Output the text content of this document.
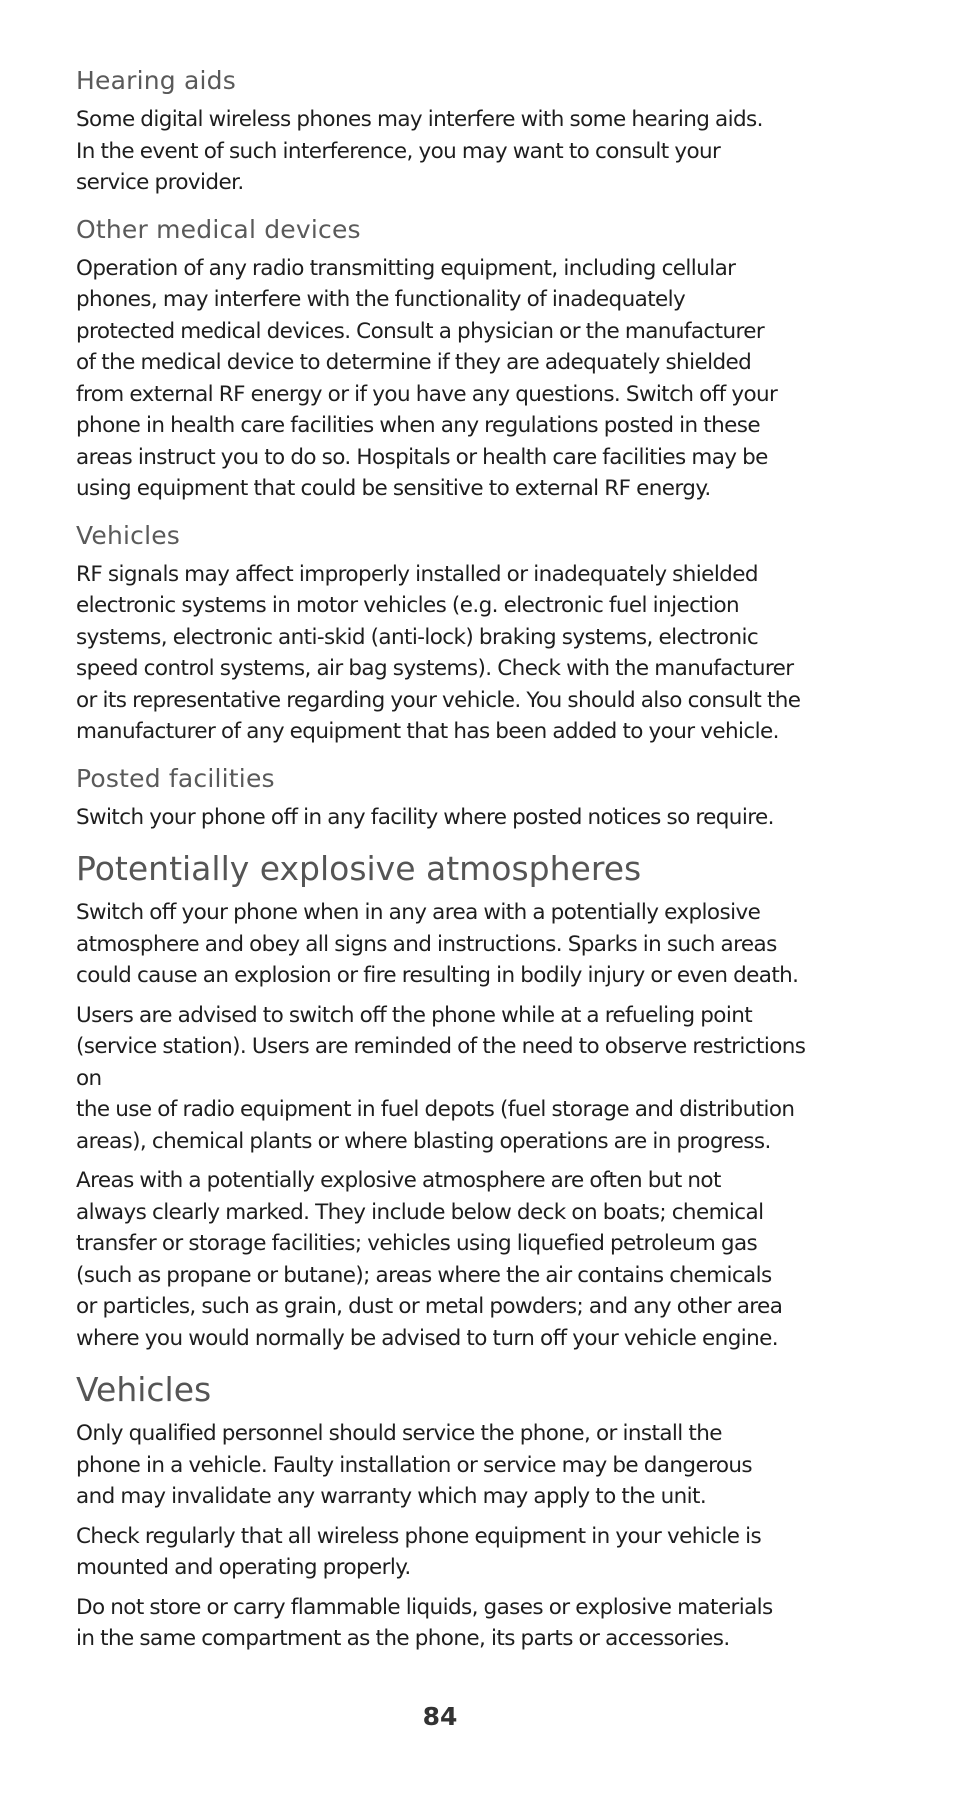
Hearing aids

Some digital wireless phones may interfere with some hearing aids.
In the event of such interference, you may want to consult your
service provider.

Other medical devices

Operation of any radio transmitting equipment, including cellular
phones, may interfere with the functionality of inadequately
protected medical devices. Consult a physician or the manufacturer
of the medical device to determine if they are adequately shielded
from external RF energy or if you have any questions. Switch off your
phone in health care facilities when any regulations posted in these
areas instruct you to do so. Hospitals or health care facilities may be
using equipment that could be sensitive to external RF energy.

Vehicles

RF signals may affect improperly installed or inadequately shielded
electronic systems in motor vehicles (e.g. electronic fuel injection
systems, electronic anti-skid (anti-lock) braking systems, electronic
speed control systems, air bag systems). Check with the manufacturer
or its representative regarding your vehicle. You should also consult the
manufacturer of any equipment that has been added to your vehicle.

Posted facilities

Switch your phone off in any facility where posted notices so require.

Potentially explosive atmospheres

Switch off your phone when in any area with a potentially explosive
atmosphere and obey all signs and instructions. Sparks in such areas
could cause an explosion or fire resulting in bodily injury or even death.

Users are advised to switch off the phone while at a refueling point
(service station). Users are reminded of the need to observe restrictions on
the use of radio equipment in fuel depots (fuel storage and distribution
areas), chemical plants or where blasting operations are in progress.

Areas with a potentially explosive atmosphere are often but not
always clearly marked. They include below deck on boats; chemical
transfer or storage facilities; vehicles using liquefied petroleum gas
(such as propane or butane); areas where the air contains chemicals
or particles, such as grain, dust or metal powders; and any other area
where you would normally be advised to turn off your vehicle engine.

Vehicles

Only qualified personnel should service the phone, or install the
phone in a vehicle. Faulty installation or service may be dangerous
and may invalidate any warranty which may apply to the unit.

Check regularly that all wireless phone equipment in your vehicle is
mounted and operating properly.

Do not store or carry flammable liquids, gases or explosive materials
in the same compartment as the phone, its parts or accessories.

84
